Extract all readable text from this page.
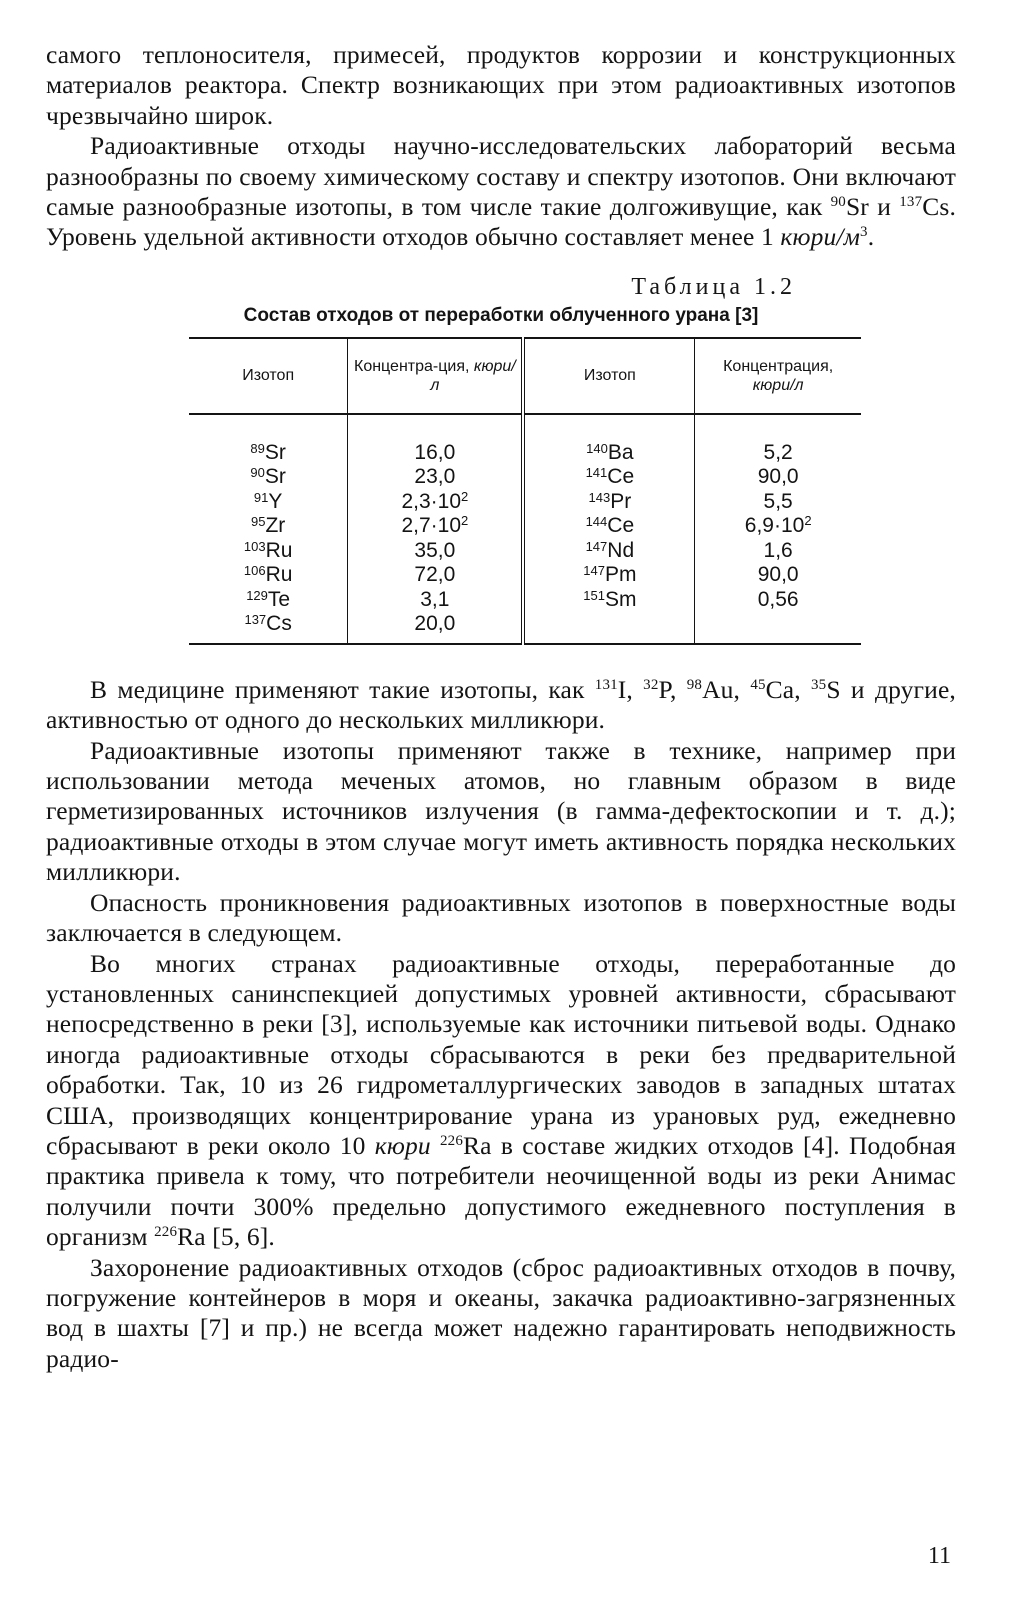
самого теплоносителя, примесей, продуктов коррозии и конструкционных материалов реактора. Спектр возникающих при этом радиоактивных изотопов чрезвычайно широк.

Радиоактивные отходы научно-исследовательских лабораторий весьма разнообразны по своему химическому составу и спектру изотопов. Они включают самые разнообразные изотопы, в том числе такие долгоживущие, как $^{90}$Sr и $^{137}$Cs. Уровень удельной активности отходов обычно составляет менее 1 кюри/$м^3$.

Таблица 1.2
Состав отходов от переработки облученного урана [3]
Изотоп	Концентра-ция, кюри/л	Изотоп	Концентрация,
кюри/л
$^{89}$Sr	16,0	$^{140}$Ba	5,2
$^{90}$Sr	23,0	$^{141}$Ce	90,0
$^{91}$Y	$2,3\cdot 10^2$	$^{143}$Pr	5,5
$^{95}$Zr	$2,7\cdot 10^2$	$^{144}$Ce	$6,9\cdot 10^2$
$^{103}$Ru	35,0	$^{147}$Nd	1,6
$^{106}$Ru	72,0	$^{147}$Pm	90,0
$^{129}$Te	3,1	$^{151}$Sm	0,56
$^{137}$Cs	20,0		

В медицине применяют такие изотопы, как $^{131}$I, $^{32}$P, $^{98}$Au, $^{45}$Ca, $^{35}$S и другие, активностью от одного до нескольких милликюри.

Радиоактивные изотопы применяют также в технике, например при использовании метода меченых атомов, но главным образом в виде герметизированных источников излучения (в гамма-дефектоскопии и т. д.); радиоактивные отходы в этом случае могут иметь активность порядка нескольких милликюри.

Опасность проникновения радиоактивных изотопов в поверхностные воды заключается в следующем.

Во многих странах радиоактивные отходы, переработанные до установленных санинспекцией допустимых уровней активности, сбрасывают непосредственно в реки [3], используемые как источники питьевой воды. Однако иногда радиоактивные отходы сбрасываются в реки без предварительной обработки. Так, 10 из 26 гидрометаллургических заводов в западных штатах США, производящих концентрирование урана из урановых руд, ежедневно сбрасывают в реки около 10 кюри $^{226}$Ra в составе жидких отходов [4]. Подобная практика привела к тому, что потребители неочищенной воды из реки Анимас получили почти 300% предельно допустимого ежедневного поступления в организм $^{226}$Ra [5, 6].

Захоронение радиоактивных отходов (сброс радиоактивных отходов в почву, погружение контейнеров в моря и океаны, закачка радиоактивно-загрязненных вод в шахты [7] и пр.) не всегда может надежно гарантировать неподвижность радио-

11
